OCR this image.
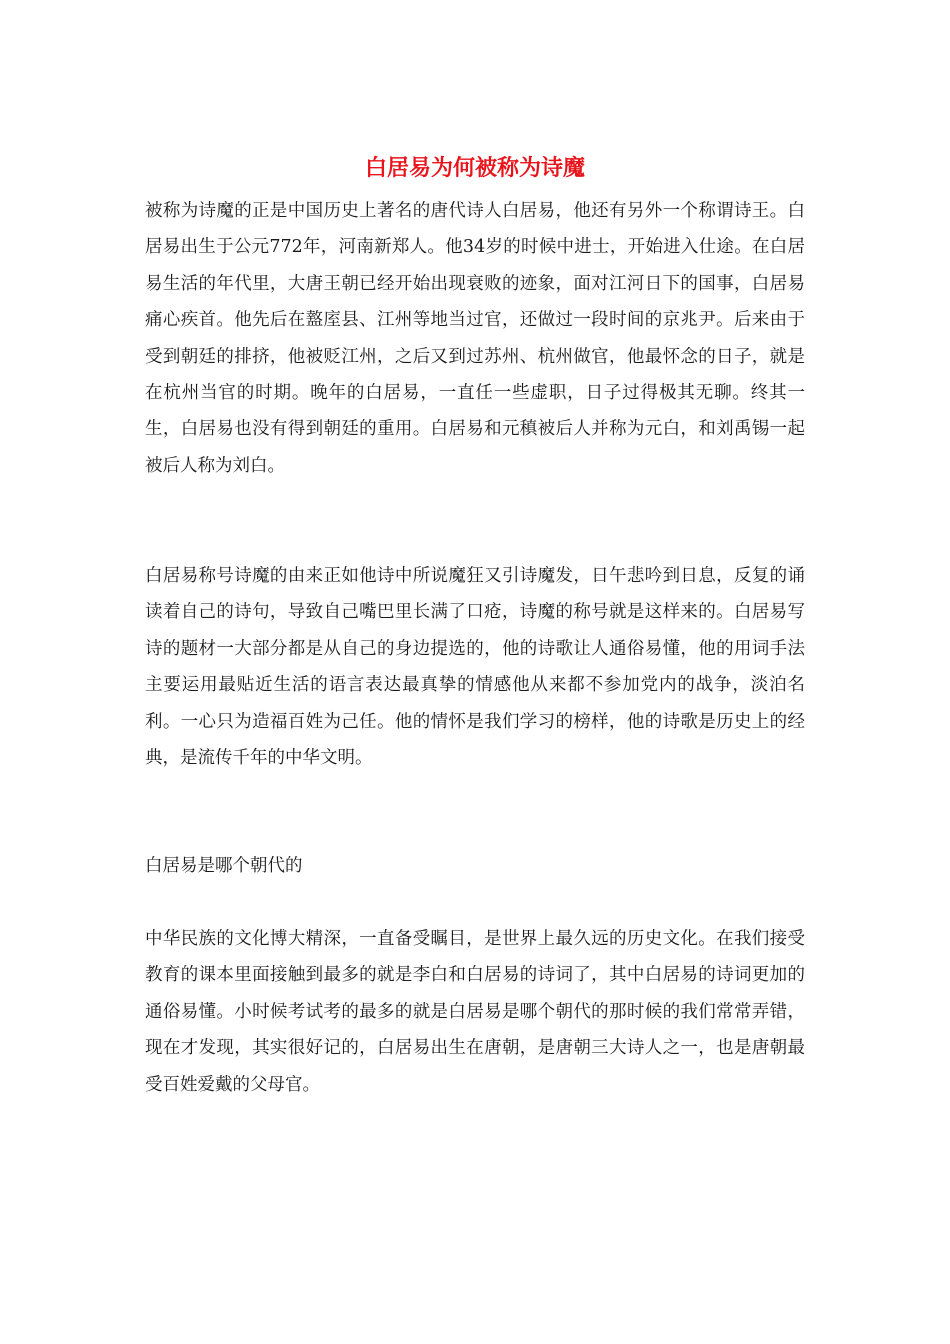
白居易为何被称为诗魔

被称为诗魔的正是中国历史上著名的唐代诗人白居易，他还有另外一个称谓诗王。白居易出生于公元772年，河南新郑人。他34岁的时候中进士，开始进入仕途。在白居易生活的年代里，大唐王朝已经开始出现衰败的迹象，面对江河日下的国事，白居易痛心疾首。他先后在盩庢县、江州等地当过官，还做过一段时间的京兆尹。后来由于受到朝廷的排挤，他被贬江州，之后又到过苏州、杭州做官，他最怀念的日子，就是在杭州当官的时期。晚年的白居易，一直任一些虚职，日子过得极其无聊。终其一生，白居易也没有得到朝廷的重用。白居易和元稹被后人并称为元白，和刘禹锡一起被后人称为刘白。

白居易称号诗魔的由来正如他诗中所说魔狂又引诗魔发，日午悲吟到日息，反复的诵读着自己的诗句，导致自己嘴巴里长满了口疮，诗魔的称号就是这样来的。白居易写诗的题材一大部分都是从自己的身边提选的，他的诗歌让人通俗易懂，他的用词手法主要运用最贴近生活的语言表达最真挚的情感他从来都不参加党内的战争，淡泊名利。一心只为造福百姓为己任。他的情怀是我们学习的榜样，他的诗歌是历史上的经典，是流传千年的中华文明。

白居易是哪个朝代的

中华民族的文化博大精深，一直备受瞩目，是世界上最久远的历史文化。在我们接受教育的课本里面接触到最多的就是李白和白居易的诗词了，其中白居易的诗词更加的通俗易懂。小时候考试考的最多的就是白居易是哪个朝代的那时候的我们常常弄错，现在才发现，其实很好记的，白居易出生在唐朝，是唐朝三大诗人之一，也是唐朝最受百姓爱戴的父母官。
